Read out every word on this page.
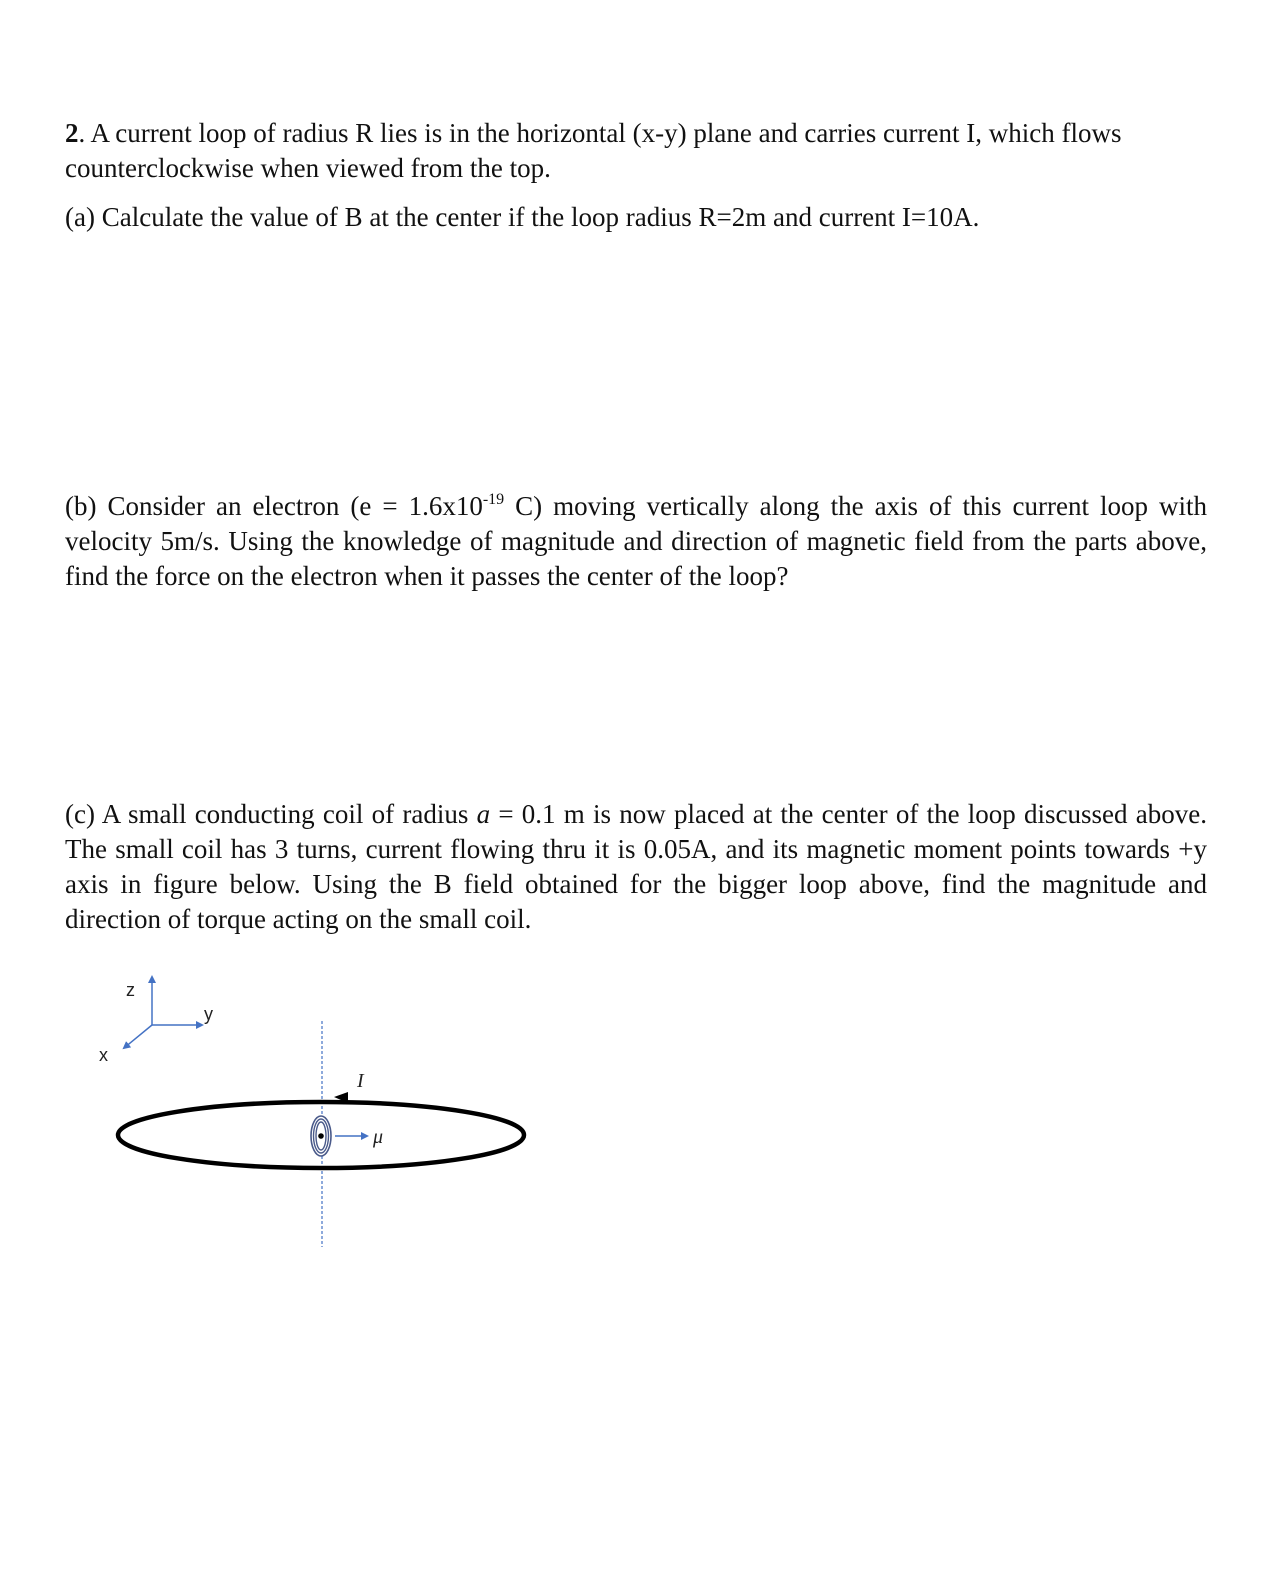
2. A current loop of radius R lies is in the horizontal (x-y) plane and carries current I, which flows counterclockwise when viewed from the top.

(a) Calculate the value of B at the center if the loop radius R=2m and current I=10A.

(b) Consider an electron ($e = 1.6x10^{-19}$ C) moving vertically along the axis of this current loop with velocity 5m/s. Using the knowledge of magnitude and direction of magnetic field from the parts above, find the force on the electron when it passes the center of the loop?

(c) A small conducting coil of radius a = 0.1 m is now placed at the center of the loop discussed above. The small coil has 3 turns, current flowing thru it is 0.05A, and its magnetic moment points towards +y axis in figure below. Using the B field obtained for the bigger loop above, find the magnitude and direction of torque acting on the small coil.

z
y
x
I
μ
